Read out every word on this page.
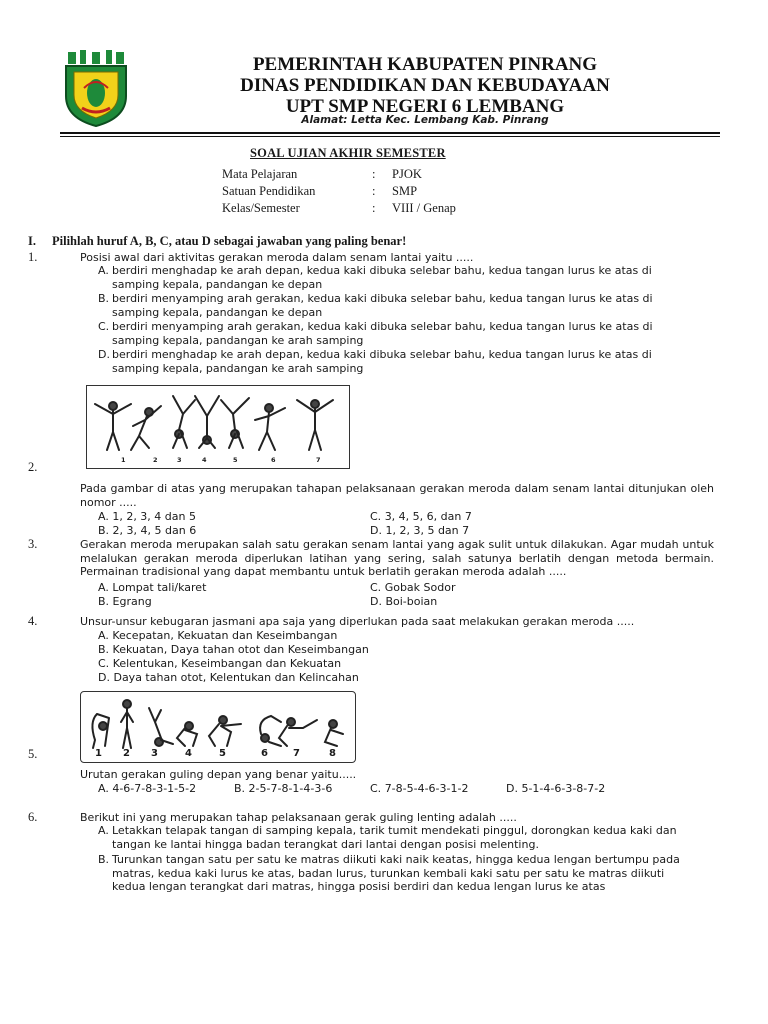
PEMERINTAH KABUPATEN PINRANG
DINAS PENDIDIKAN DAN KEBUDAYAAN
UPT SMP NEGERI 6 LEMBANG
Alamat: Letta Kec. Lembang Kab. Pinrang
SOAL UJIAN AKHIR SEMESTER
Mata Pelajaran	: PJOK
Satuan Pendidikan	: SMP
Kelas/Semester	: VIII / Genap
I. Pilihlah huruf A, B, C, atau D sebagai jawaban yang paling benar!
1.	Posisi awal dari aktivitas gerakan meroda dalam senam lantai yaitu .....
A. berdiri menghadap ke arah depan, kedua kaki dibuka selebar bahu, kedua tangan lurus ke atas di
samping kepala, pandangan ke depan
B. berdiri menyamping arah gerakan, kedua kaki dibuka selebar bahu, kedua tangan lurus ke atas di
samping kepala, pandangan ke depan
C. berdiri menyamping arah gerakan, kedua kaki dibuka selebar bahu, kedua tangan lurus ke atas di
samping kepala, pandangan ke arah samping
D. berdiri menghadap ke arah depan, kedua kaki dibuka selebar bahu, kedua tangan lurus ke atas di
samping kepala, pandangan ke arah samping
1	2	3	4	5	6	7
2.
Pada gambar di atas yang merupakan tahapan pelaksanaan gerakan meroda dalam senam lantai ditunjukan oleh nomor .....
A. 1, 2, 3, 4 dan 5	C. 3, 4, 5, 6, dan 7
B. 2, 3, 4, 5 dan 6	D. 1, 2, 3, 5 dan 7
3.	Gerakan meroda merupakan salah satu gerakan senam lantai yang agak sulit untuk dilakukan. Agar mudah untuk melalukan gerakan meroda diperlukan latihan yang sering, salah satunya berlatih dengan metoda bermain. Permainan tradisional yang dapat membantu untuk berlatih gerakan meroda adalah .....
A. Lompat tali/karet	C. Gobak Sodor
B. Egrang	D. Boi-boian
4.	Unsur-unsur kebugaran jasmani apa saja yang diperlukan pada saat melakukan gerakan meroda .....
A. Kecepatan, Kekuatan dan Keseimbangan
B. Kekuatan, Daya tahan otot dan Keseimbangan
C. Kelentukan, Keseimbangan dan Kekuatan
D. Daya tahan otot, Kelentukan dan Kelincahan
1 2 3	4	5	6	7	8
5.
Urutan gerakan guling depan yang benar yaitu.....
A. 4-6-7-8-3-1-5-2	B. 2-5-7-8-1-4-3-6	C. 7-8-5-4-6-3-1-2	D. 5-1-4-6-3-8-7-2
6.	Berikut ini yang merupakan tahap pelaksanaan gerak guling lenting adalah .....
A. Letakkan telapak tangan di samping kepala, tarik tumit mendekati pinggul, dorongkan kedua kaki dan
tangan ke lantai hingga badan terangkat dari lantai dengan posisi melenting.
B. Turunkan tangan satu per satu ke matras diikuti kaki naik keatas, hingga kedua lengan bertumpu pada
matras, kedua kaki lurus ke atas, badan lurus, turunkan kembali kaki satu per satu ke matras diikuti
kedua lengan terangkat dari matras, hingga posisi berdiri dan kedua lengan lurus ke atas
